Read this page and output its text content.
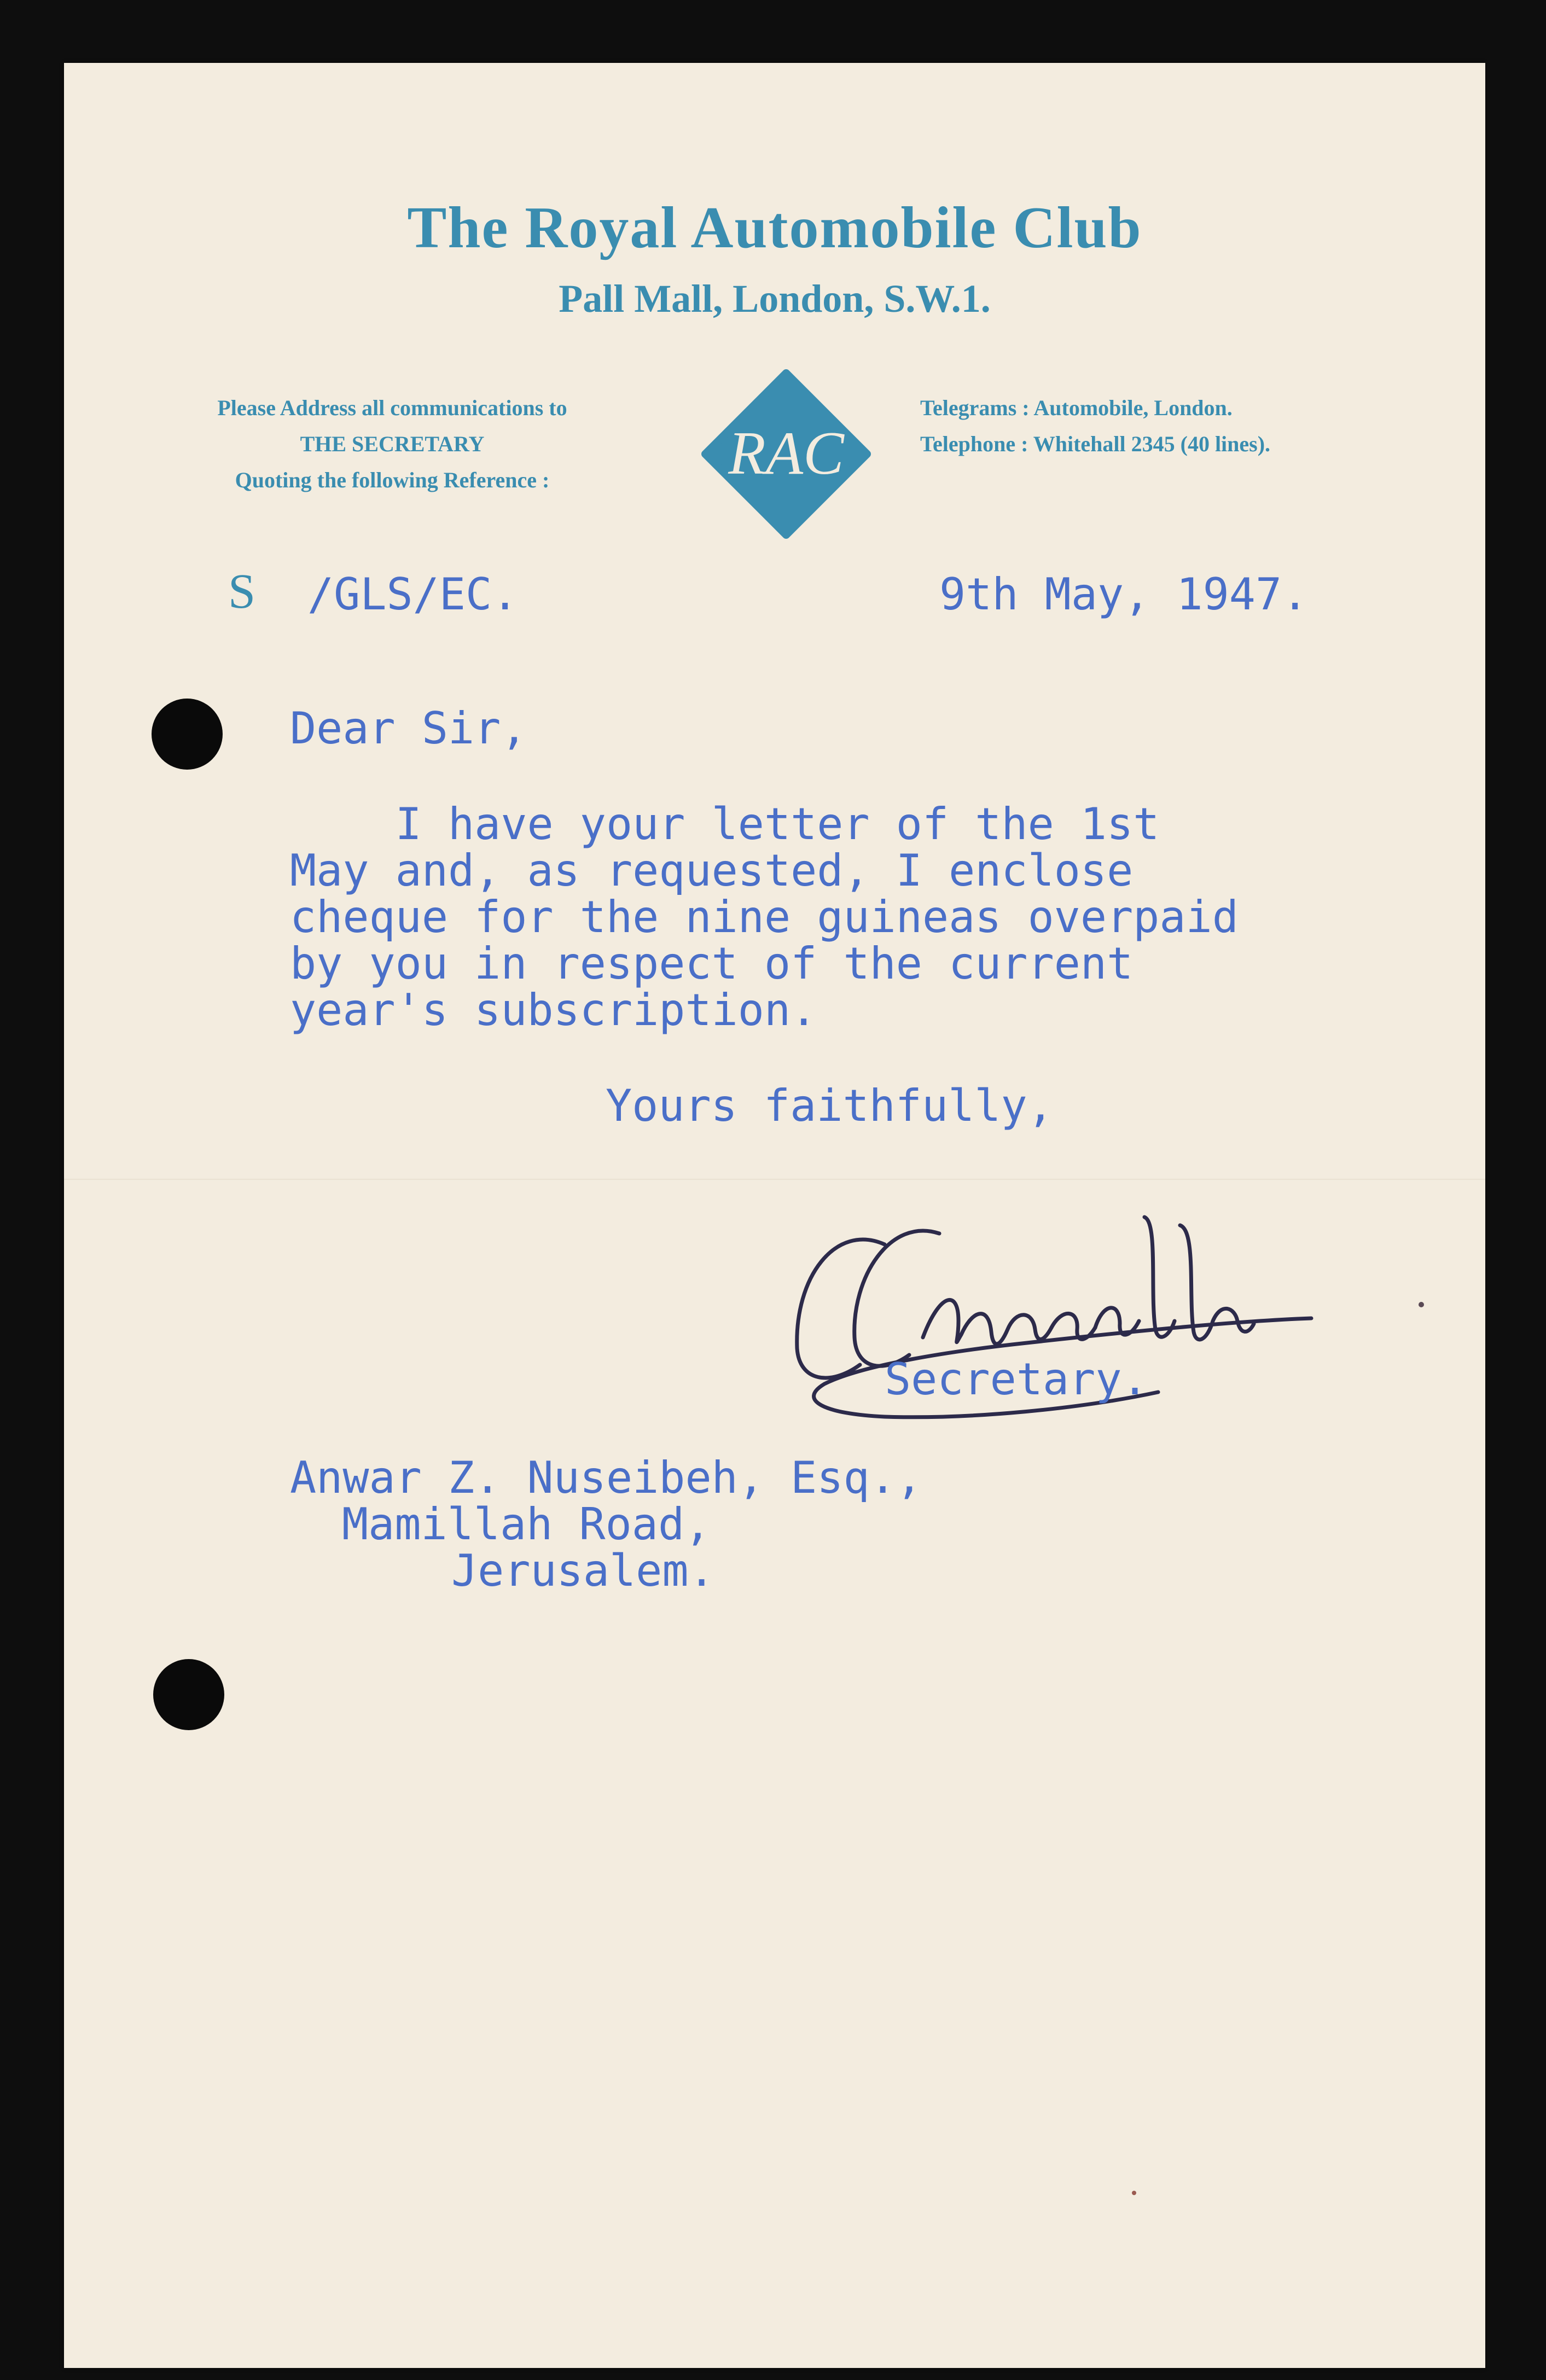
The Royal Automobile Club
Pall Mall, London, S.W.1.
Please Address all communications to
THE SECRETARY
Quoting the following Reference :	RAC
Telegrams : Automobile, London.
Telephone : Whitehall 2345 (40 lines).
S /GLS/EC.	9th May, 1947.
Dear Sir,
I have your letter of the 1st
May and, as requested, I enclose
cheque for the nine guineas overpaid
by you in respect of the current
year's subscription.
Yours faithfully,
Secretary.
Anwar Z. Nuseibeh, Esq.,
Mamillah Road,
Jerusalem.
